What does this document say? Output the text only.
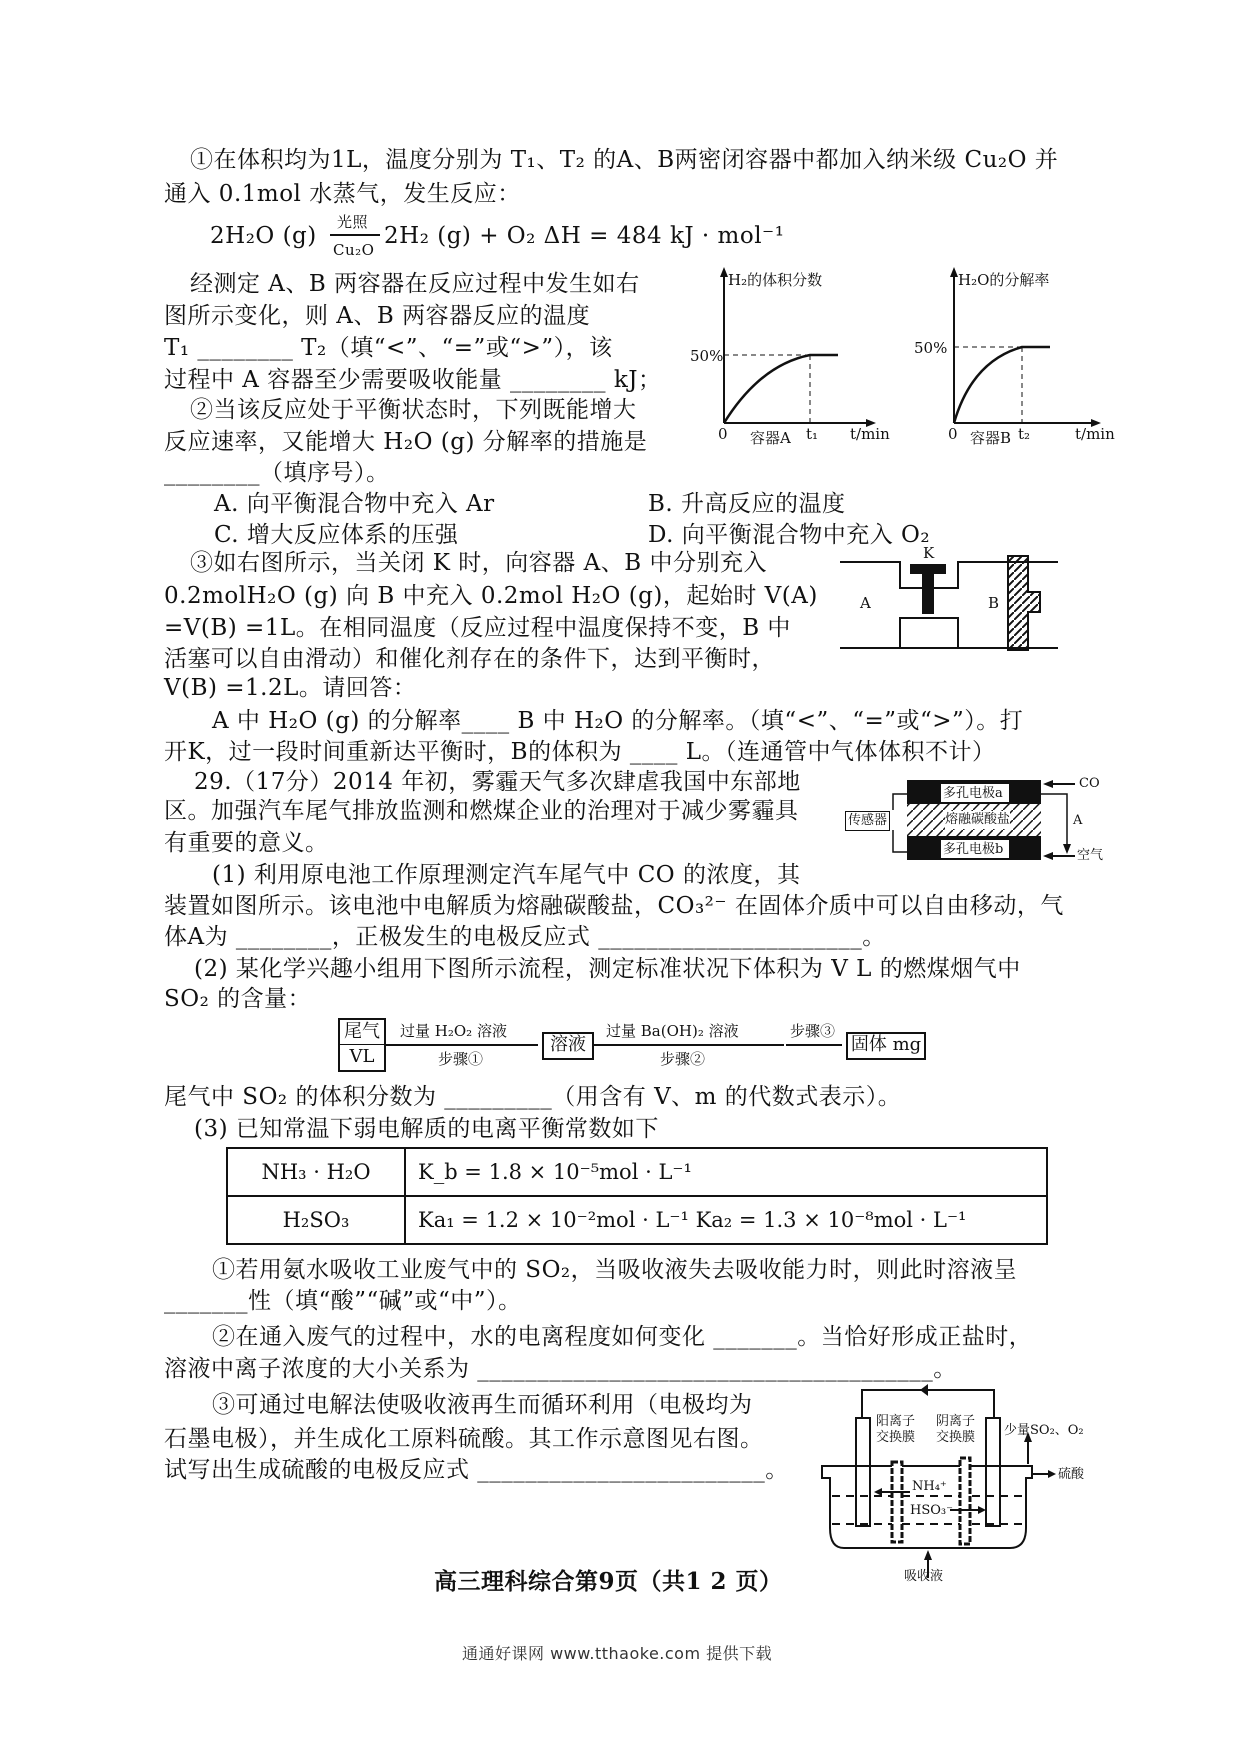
①在体积均为1L，温度分别为 T₁、T₂ 的A、B两密闭容器中都加入纳米级 Cu₂O 并
通入 0.1mol 水蒸气，发生反应：
2H₂O (g)
光照
Cu₂O
2H₂ (g) + O₂ ΔH = 484 kJ · mol⁻¹
经测定 A、B 两容器在反应过程中发生如右
图所示变化，则 A、B 两容器反应的温度
T₁ ________ T₂（填“<”、“=”或“>”），该
过程中 A 容器至少需要吸收能量 ________ kJ；
②当该反应处于平衡状态时，下列既能增大
反应速率，又能增大 H₂O (g) 分解率的措施是
________（填序号）。
A. 向平衡混合物中充入 Ar	B. 升高反应的温度
C. 增大反应体系的压强	D. 向平衡混合物中充入 O₂
H₂的体积分数
50%
0 容器A t₁ t/min
H₂O的分解率
50%
0 容器B t₂	t/min
③如右图所示，当关闭 K 时，向容器 A、B 中分别充入
0.2molH₂O (g) 向 B 中充入 0.2mol H₂O (g)，起始时 V(A)
=V(B) =1L。在相同温度（反应过程中温度保持不变，B 中
活塞可以自由滑动）和催化剂存在的条件下，达到平衡时，
V(B) =1.2L。请回答：
A
K
B
A 中 H₂O (g) 的分解率____ B 中 H₂O 的分解率。（填“<”、“=”或“>”）。打
开K，过一段时间重新达平衡时，B的体积为 ____ L。（连通管中气体体积不计）
29.（17分）2014 年初，雾霾天气多次肆虐我国中东部地
区。加强汽车尾气排放监测和燃煤企业的治理对于减少雾霾具
有重要的意义。
多孔电极a
熔融碳酸盐
多孔电极b
传感器
CO
A
空气
(1) 利用原电池工作原理测定汽车尾气中 CO 的浓度，其
装置如图所示。该电池中电解质为熔融碳酸盐，CO₃²⁻ 在固体介质中可以自由移动，气
体A为 ________，正极发生的电极反应式 ______________________。
(2) 某化学兴趣小组用下图所示流程，测定标准状况下体积为 V L 的燃煤烟气中
SO₂ 的含量：
尾气
VL
过量 H₂O₂ 溶液
步骤①
溶液
过量 Ba(OH)₂ 溶液
步骤②
步骤③
固体 mg
尾气中 SO₂ 的体积分数为 _________（用含有 V、m 的代数式表示）。
(3) 已知常温下弱电解质的电离平衡常数如下
NH₃ · H₂O	K_b = 1.8 × 10⁻⁵mol · L⁻¹
H₂SO₃	Ka₁ = 1.2 × 10⁻²mol · L⁻¹ Ka₂ = 1.3 × 10⁻⁸mol · L⁻¹
①若用氨水吸收工业废气中的 SO₂，当吸收液失去吸收能力时，则此时溶液呈
_______性（填“酸”“碱”或“中”）。
②在通入废气的过程中，水的电离程度如何变化 _______。当恰好形成正盐时，
溶液中离子浓度的大小关系为 ______________________________________。
③可通过电解法使吸收液再生而循环利用（电极均为
石墨电极），并生成化工原料硫酸。其工作示意图见右图。
试写出生成硫酸的电极反应式 ________________________。
阳离子
交换膜
阴离子
交换膜 少量SO₂、O₂
硫酸
NH₄⁺
HSO₃⁻
吸收液
高三理科综合第9页（共1 2 页）
通通好课网 www.tthaoke.com 提供下载
